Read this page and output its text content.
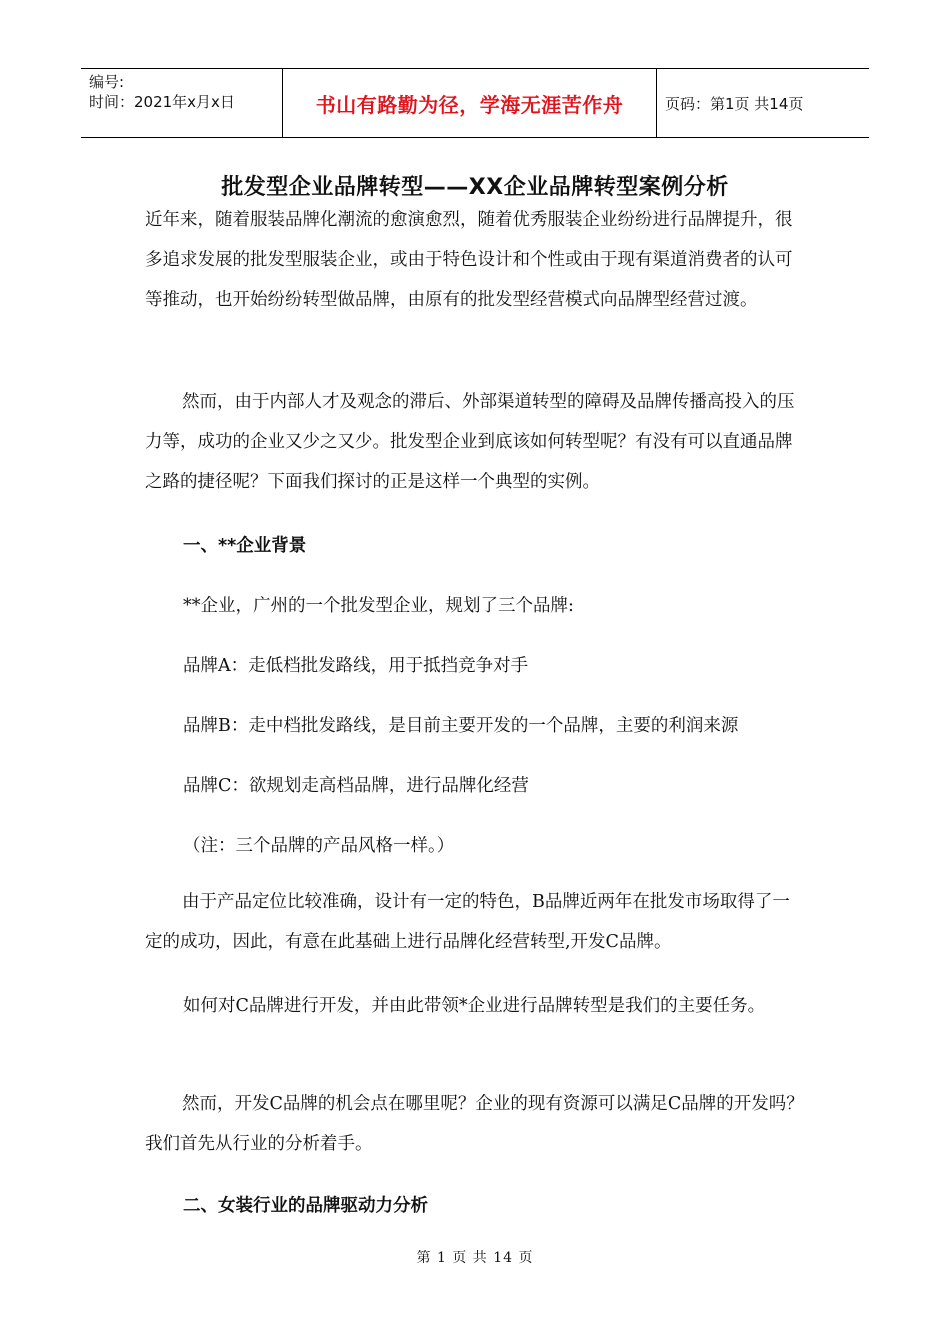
编号:
时间：2021年x月x日	书山有路勤为径，学海无涯苦作舟	页码：第1页 共14页
批发型企业品牌转型——XX企业品牌转型案例分析

近年来，随着服装品牌化潮流的愈演愈烈，随着优秀服装企业纷纷进行品牌提升，很多追求发展的批发型服装企业，或由于特色设计和个性或由于现有渠道消费者的认可等推动，也开始纷纷转型做品牌，由原有的批发型经营模式向品牌型经营过渡。

然而，由于内部人才及观念的滞后、外部渠道转型的障碍及品牌传播高投入的压力等，成功的企业又少之又少。批发型企业到底该如何转型呢？有没有可以直通品牌之路的捷径呢？下面我们探讨的正是这样一个典型的实例。

一、**企业背景
**企业，广州的一个批发型企业，规划了三个品牌:
品牌A：走低档批发路线，用于抵挡竞争对手
品牌B：走中档批发路线，是目前主要开发的一个品牌，主要的利润来源
品牌C：欲规划走高档品牌，进行品牌化经营
（注：三个品牌的产品风格一样。）

由于产品定位比较准确，设计有一定的特色，B品牌近两年在批发市场取得了一定的成功，因此，有意在此基础上进行品牌化经营转型,开发C品牌。

如何对C品牌进行开发，并由此带领*企业进行品牌转型是我们的主要任务。

然而，开发C品牌的机会点在哪里呢？企业的现有资源可以满足C品牌的开发吗？我们首先从行业的分析着手。

二、女装行业的品牌驱动力分析
第 1 页 共 14 页
